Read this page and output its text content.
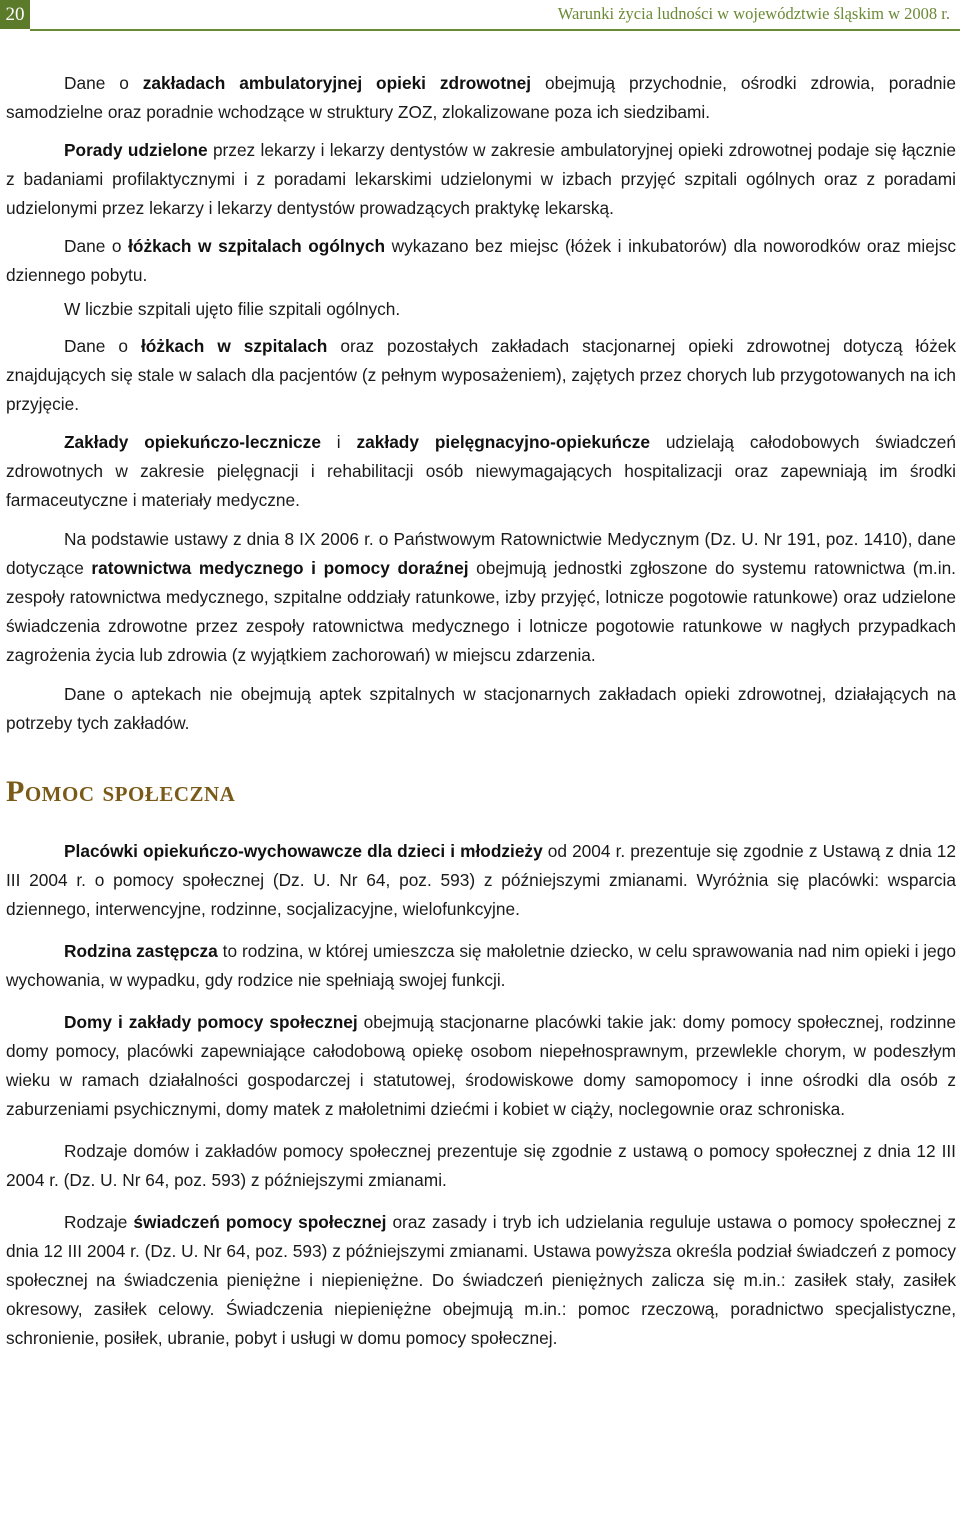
20	Warunki życia ludności w województwie śląskim w 2008 r.

Dane o zakładach ambulatoryjnej opieki zdrowotnej obejmują przychodnie, ośrodki zdrowia, poradnie samodzielne oraz poradnie wchodzące w struktury ZOZ, zlokalizowane poza ich siedzibami.

Porady udzielone przez lekarzy i lekarzy dentystów w zakresie ambulatoryjnej opieki zdrowotnej podaje się łącznie z badaniami profilaktycznymi i z poradami lekarskimi udzielonymi w izbach przyjęć szpitali ogólnych oraz z poradami udzielonymi przez lekarzy i lekarzy dentystów prowadzących praktykę lekarską.

Dane o łóżkach w szpitalach ogólnych wykazano bez miejsc (łóżek i inkubatorów) dla noworodków oraz miejsc dziennego pobytu.

W liczbie szpitali ujęto filie szpitali ogólnych.

Dane o łóżkach w szpitalach oraz pozostałych zakładach stacjonarnej opieki zdrowotnej dotyczą łóżek znajdujących się stale w salach dla pacjentów (z pełnym wyposażeniem), zajętych przez chorych lub przygotowanych na ich przyjęcie.

Zakłady opiekuńczo-lecznicze i zakłady pielęgnacyjno-opiekuńcze udzielają całodobowych świadczeń zdrowotnych w zakresie pielęgnacji i rehabilitacji osób niewymagających hospitalizacji oraz zapewniają im środki farmaceutyczne i materiały medyczne.

Na podstawie ustawy z dnia 8 IX 2006 r. o Państwowym Ratownictwie Medycznym (Dz. U. Nr 191, poz. 1410), dane dotyczące ratownictwa medycznego i pomocy doraźnej obejmują jednostki zgłoszone do systemu ratownictwa (m.in. zespoły ratownictwa medycznego, szpitalne oddziały ratunkowe, izby przyjęć, lotnicze pogotowie ratunkowe) oraz udzielone świadczenia zdrowotne przez zespoły ratownictwa medycznego i lotnicze pogotowie ratunkowe w nagłych przypadkach zagrożenia życia lub zdrowia (z wyjątkiem zachorowań) w miejscu zdarzenia.

Dane o aptekach nie obejmują aptek szpitalnych w stacjonarnych zakładach opieki zdrowotnej, działających na potrzeby tych zakładów.

Pomoc społeczna

Placówki opiekuńczo-wychowawcze dla dzieci i młodzieży od 2004 r. prezentuje się zgodnie z Ustawą z dnia 12 III 2004 r. o pomocy społecznej (Dz. U. Nr 64, poz. 593) z późniejszymi zmianami. Wyróżnia się placówki: wsparcia dziennego, interwencyjne, rodzinne, socjalizacyjne, wielofunkcyjne.

Rodzina zastępcza to rodzina, w której umieszcza się małoletnie dziecko, w celu sprawowania nad nim opieki i jego wychowania, w wypadku, gdy rodzice nie spełniają swojej funkcji.

Domy i zakłady pomocy społecznej obejmują stacjonarne placówki takie jak: domy pomocy społecznej, rodzinne domy pomocy, placówki zapewniające całodobową opiekę osobom niepełnosprawnym, przewlekle chorym, w podeszłym wieku w ramach działalności gospodarczej i statutowej, środowiskowe domy samopomocy i inne ośrodki dla osób z zaburzeniami psychicznymi, domy matek z małoletnimi dziećmi i kobiet w ciąży, noclegownie oraz schroniska.

Rodzaje domów i zakładów pomocy społecznej prezentuje się zgodnie z ustawą o pomocy społecznej z dnia 12 III 2004 r. (Dz. U. Nr 64, poz. 593) z późniejszymi zmianami.

Rodzaje świadczeń pomocy społecznej oraz zasady i tryb ich udzielania reguluje ustawa o pomocy społecznej z dnia 12 III 2004 r. (Dz. U. Nr 64, poz. 593) z późniejszymi zmianami. Ustawa powyższa określa podział świadczeń z pomocy społecznej na świadczenia pieniężne i niepieniężne. Do świadczeń pieniężnych zalicza się m.in.: zasiłek stały, zasiłek okresowy, zasiłek celowy. Świadczenia niepieniężne obejmują m.in.: pomoc rzeczową, poradnictwo specjalistyczne, schronienie, posiłek, ubranie, pobyt i usługi w domu pomocy społecznej.
